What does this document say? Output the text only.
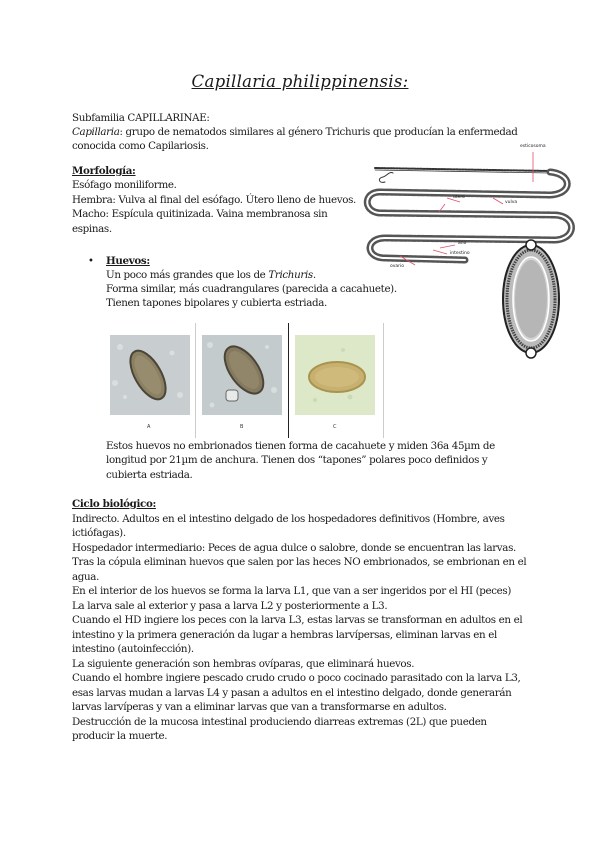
Capillaria philippinensis:
Subfamilia CAPILLARINAE:
Capillaria: grupo de nematodos similares al género Trichuris que producían la enfermedad
conocida como Capilariosis.
Morfología:
Esófago moniliforme.
Hembra: Vulva al final del esófago. Útero lleno de huevos.
Macho: Espícula quitinizada. Vaina membranosa sin
espinas.
esticosoma
útero
vulva
ano
intestino
ovario
• Huevos:
Un poco más grandes que los de Trichuris.
Forma similar, más cuadrangulares (parecida a cacahuete).
Tienen tapones bipolares y cubierta estriada.
A	B	C
Estos huevos no embrionados tienen forma de cacahuete y miden 36a 45µm de
longitud por 21µm de anchura. Tienen dos “tapones” polares poco definidos y
cubierta estriada.
Ciclo biológico:
Indirecto. Adultos en el intestino delgado de los hospedadores definitivos (Hombre, aves
ictiófagas).
Hospedador intermediario: Peces de agua dulce o salobre, donde se encuentran las larvas.
Tras la cópula eliminan huevos que salen por las heces NO embrionados, se embrionan en el
agua.
En el interior de los huevos se forma la larva L1, que van a ser ingeridos por el HI (peces)
La larva sale al exterior y pasa a larva L2 y posteriormente a L3.
Cuando el HD ingiere los peces con la larva L3, estas larvas se transforman en adultos en el
intestino y la primera generación da lugar a hembras larvípersas, eliminan larvas en el
intestino (autoinfección).
La siguiente generación son hembras ovíparas, que eliminará huevos.
Cuando el hombre ingiere pescado crudo crudo o poco cocinado parasitado con la larva L3,
esas larvas mudan a larvas L4 y pasan a adultos en el intestino delgado, donde generarán
larvas larvíperas y van a eliminar larvas que van a transformarse en adultos.
Destrucción de la mucosa intestinal produciendo diarreas extremas (2L) que pueden
producir la muerte.
